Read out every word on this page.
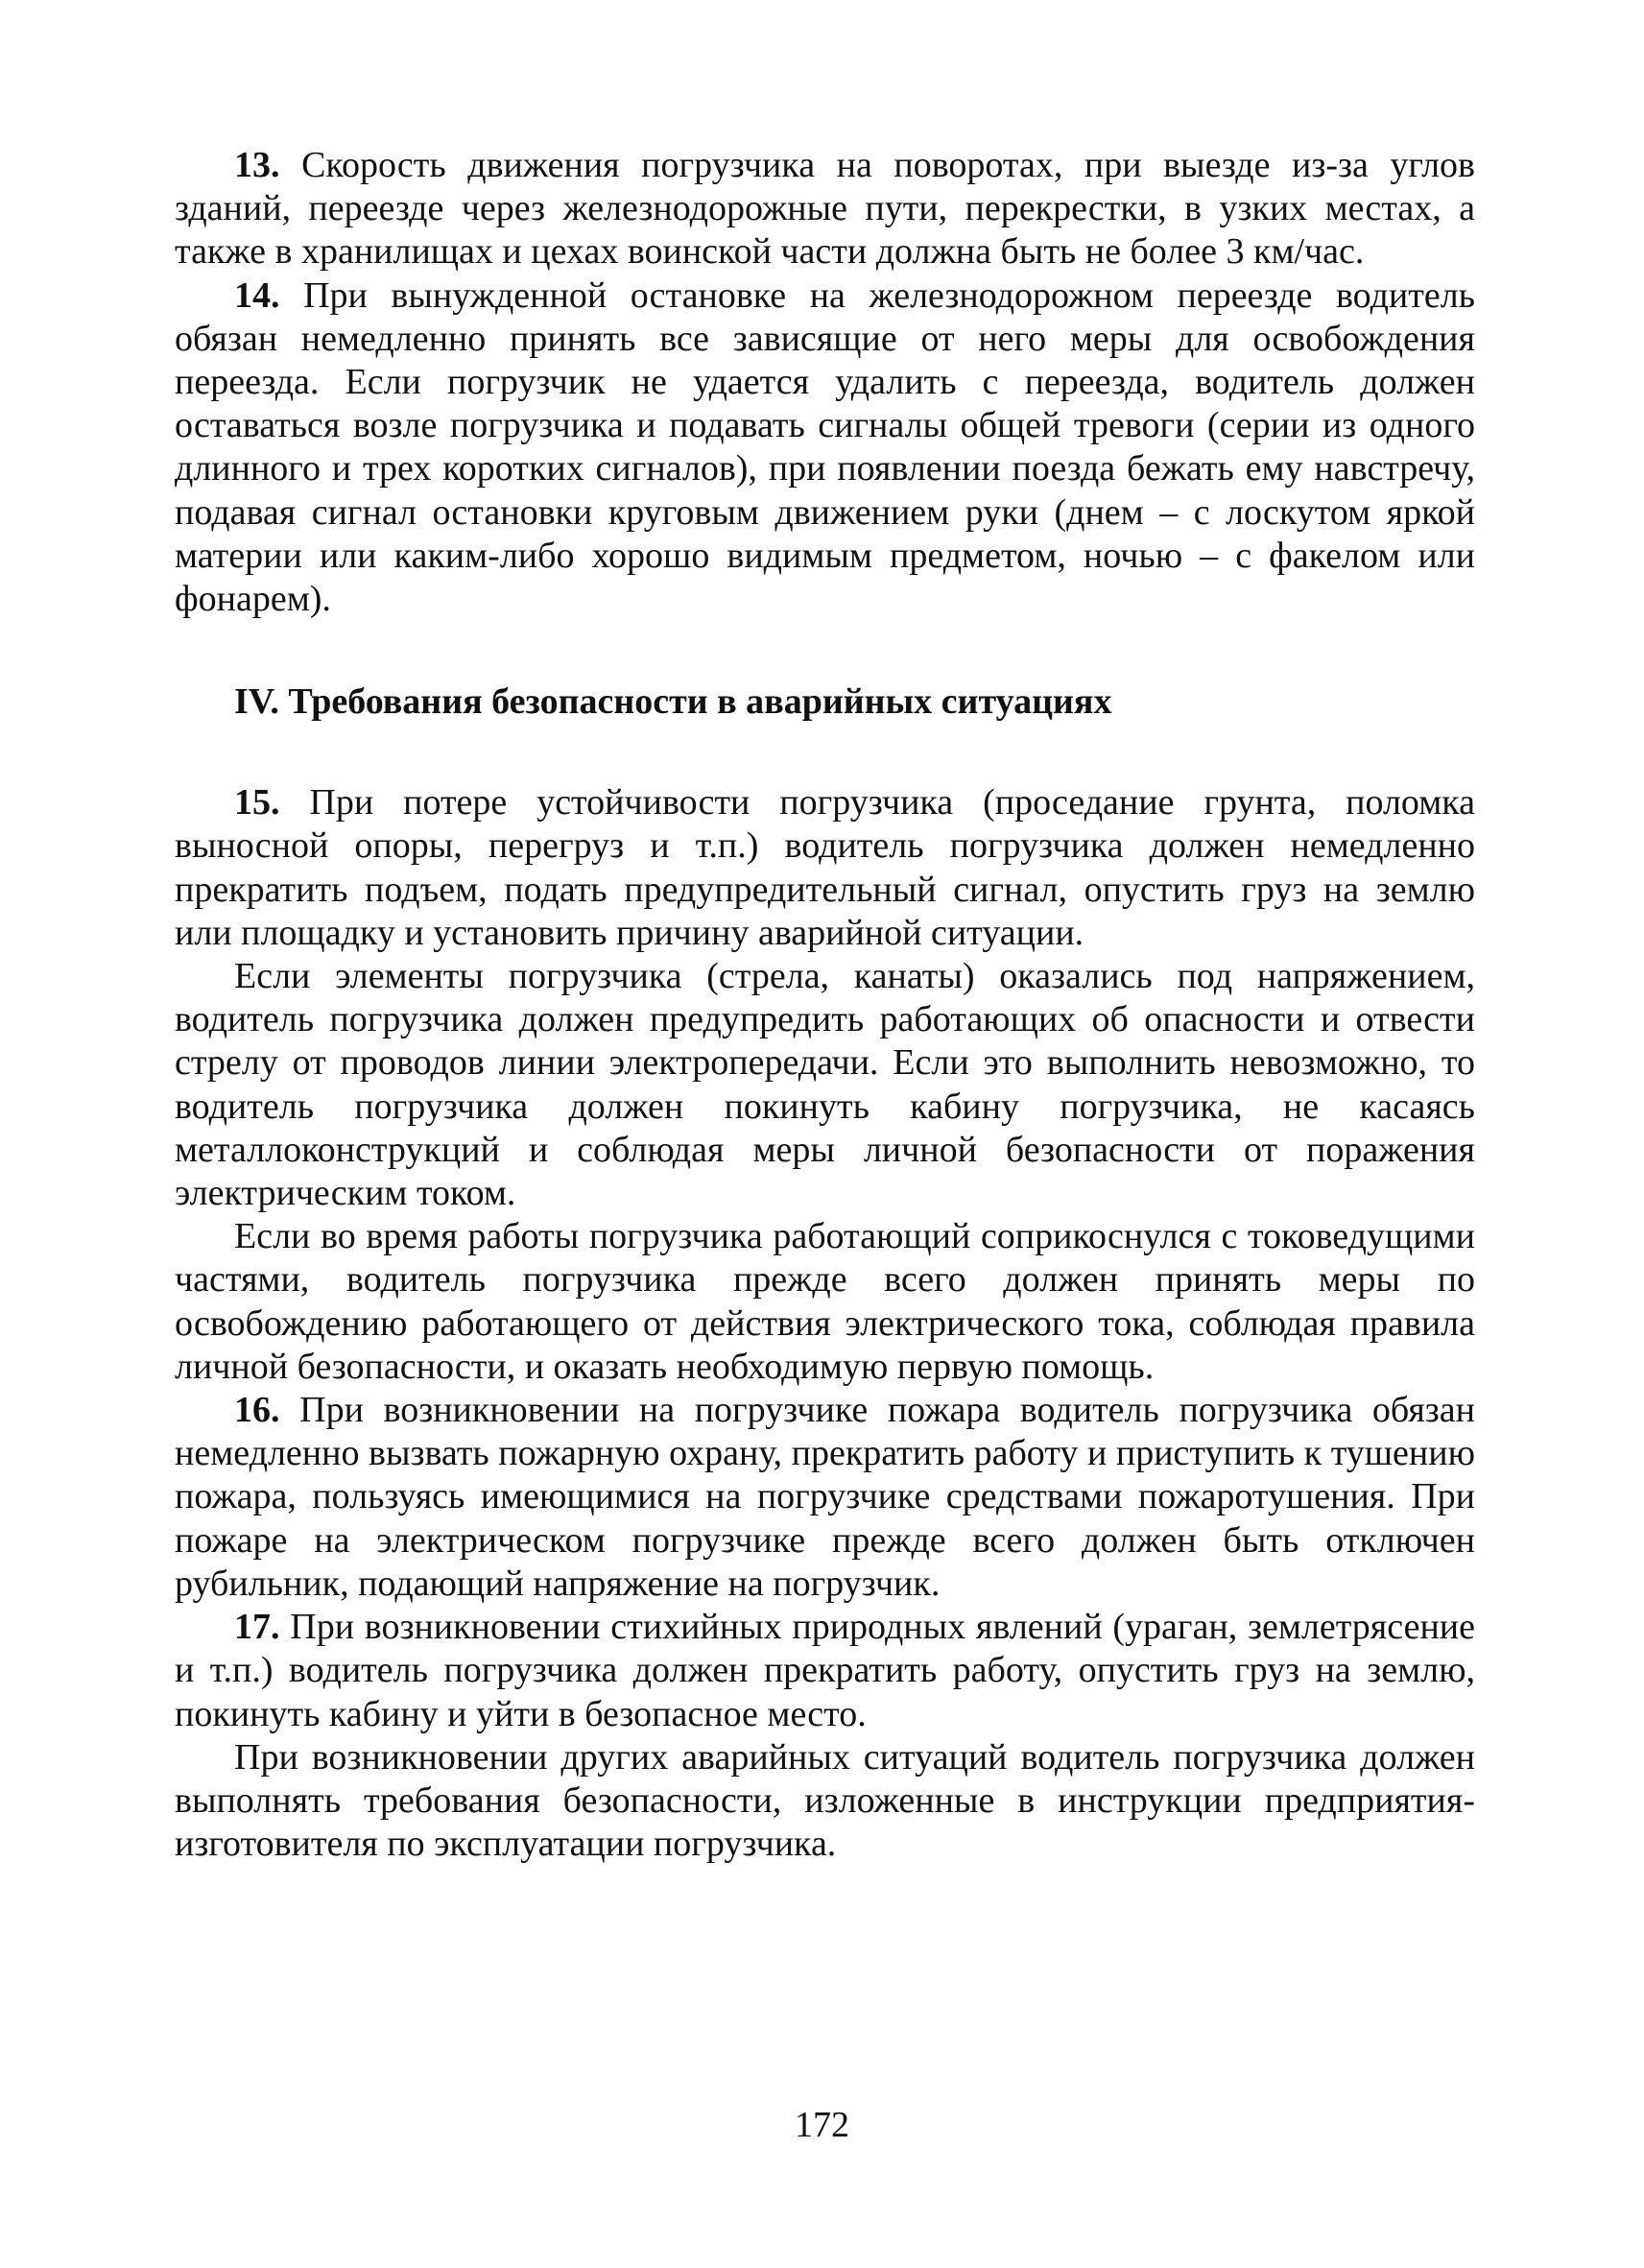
13. Скорость движения погрузчика на поворотах, при выезде из-за углов зданий, переезде через железнодорожные пути, перекрестки, в узких местах, а также в хранилищах и цехах воинской части должна быть не более 3 км/час.

14. При вынужденной остановке на железнодорожном переезде водитель обязан немедленно принять все зависящие от него меры для освобождения переезда. Если погрузчик не удается удалить с переезда, водитель должен оставаться возле погрузчика и подавать сигналы общей тревоги (серии из одного длинного и трех коротких сигналов), при появлении поезда бежать ему навстречу, подавая сигнал остановки круговым движением руки (днем – с лоскутом яркой материи или каким-либо хорошо видимым предметом, ночью – с факелом или фонарем).

IV. Требования безопасности в аварийных ситуациях

15. При потере устойчивости погрузчика (проседание грунта, поломка выносной опоры, перегруз и т.п.) водитель погрузчика должен немедленно прекратить подъем, подать предупредительный сигнал, опустить груз на землю или площадку и установить причину аварийной ситуации.

Если элементы погрузчика (стрела, канаты) оказались под напряжением, водитель погрузчика должен предупредить работающих об опасности и отвести стрелу от проводов линии электропередачи. Если это выполнить невозможно, то водитель погрузчика должен покинуть кабину погрузчика, не касаясь металлоконструкций и соблюдая меры личной безопасности от поражения электрическим током.

Если во время работы погрузчика работающий соприкоснулся с токоведущими частями, водитель погрузчика прежде всего должен принять меры по освобождению работающего от действия электрического тока, соблюдая правила личной безопасности, и оказать необходимую первую помощь.

16. При возникновении на погрузчике пожара водитель погрузчика обязан немедленно вызвать пожарную охрану, прекратить работу и приступить к тушению пожара, пользуясь имеющимися на погрузчике средствами пожаротушения. При пожаре на электрическом погрузчике прежде всего должен быть отключен рубильник, подающий напряжение на погрузчик.

17. При возникновении стихийных природных явлений (ураган, землетрясение и т.п.) водитель погрузчика должен прекратить работу, опустить груз на землю, покинуть кабину и уйти в безопасное место.

При возникновении других аварийных ситуаций водитель погрузчика должен выполнять требования безопасности, изложенные в инструкции предприятия-изготовителя по эксплуатации погрузчика.

172
